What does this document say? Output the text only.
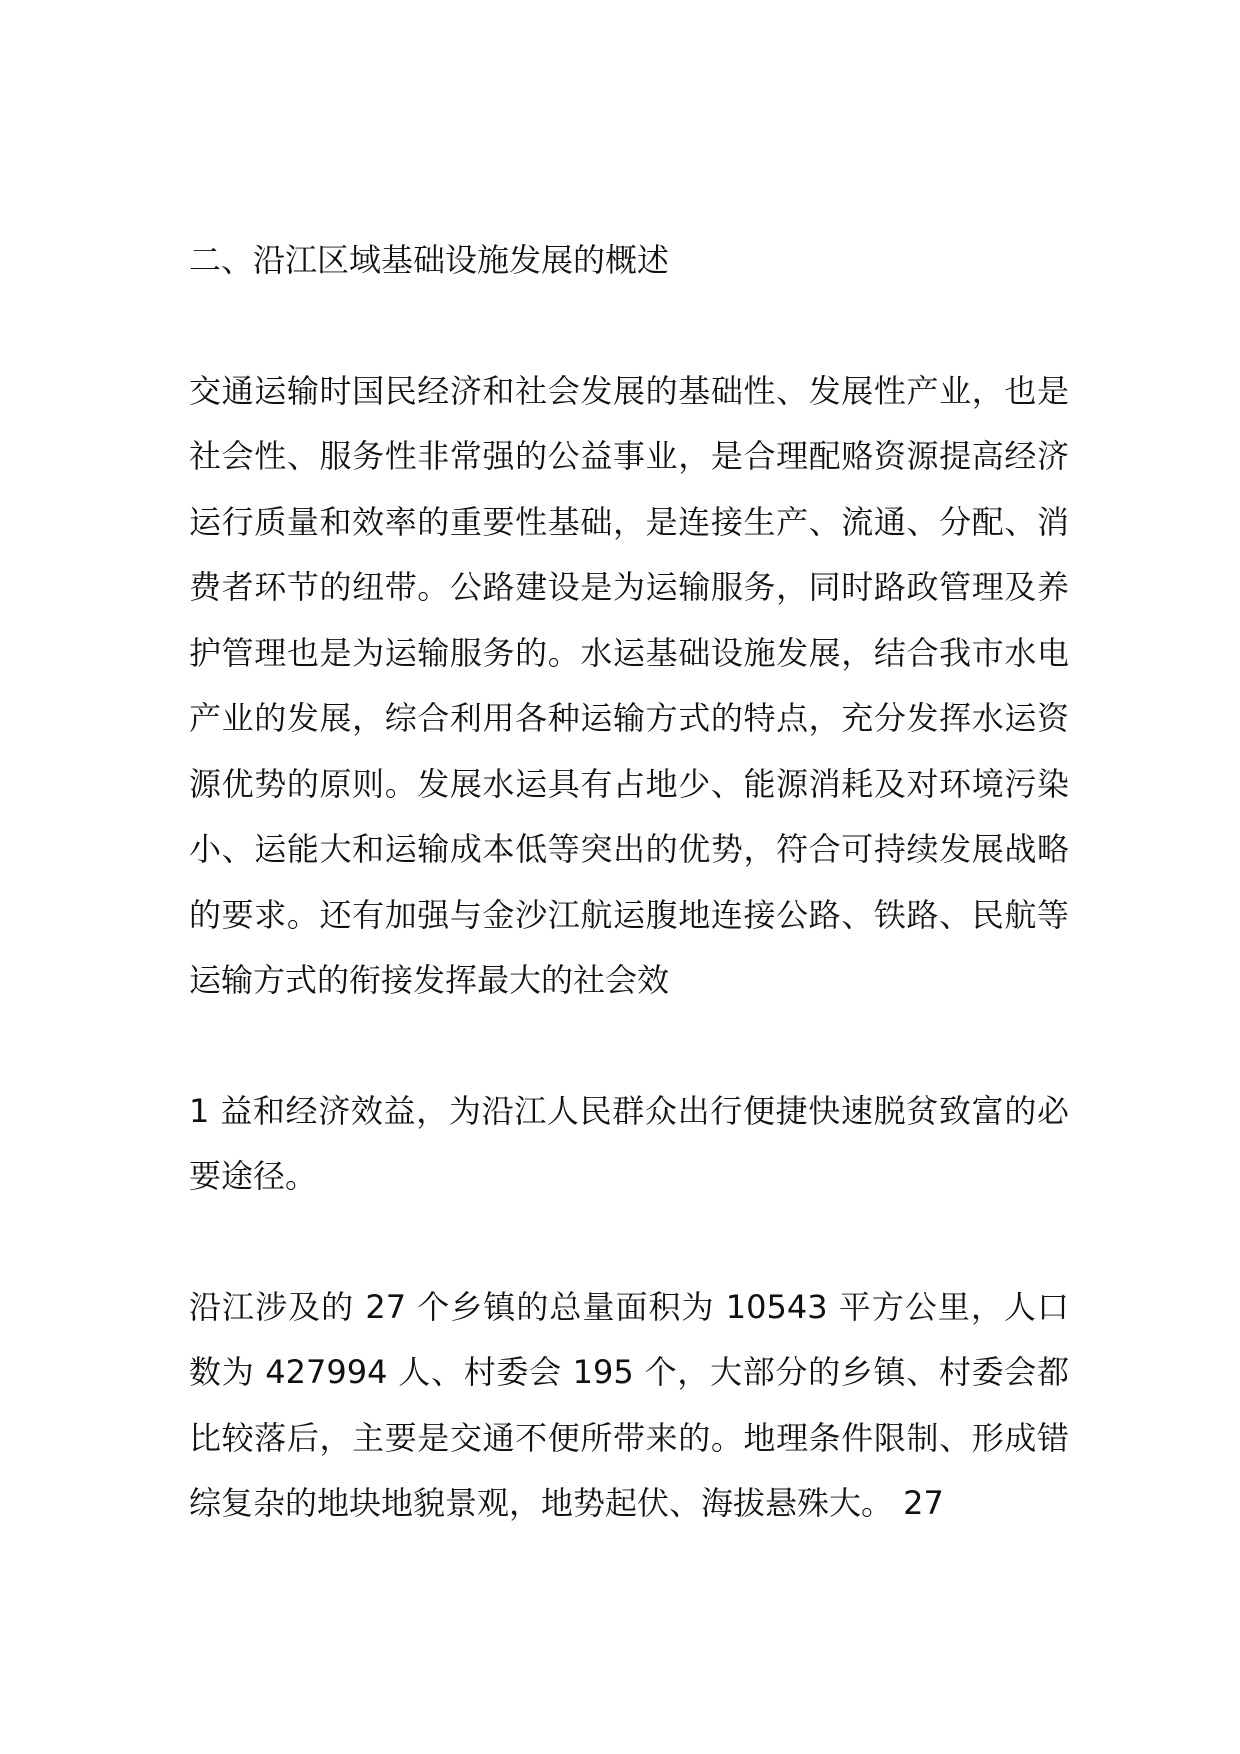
二、沿江区域基础设施发展的概述

交通运输时国民经济和社会发展的基础性、发展性产业，也是社会性、服务性非常强的公益事业，是合理配赂资源提高经济运行质量和效率的重要性基础，是连接生产、流通、分配、消费者环节的纽带。公路建设是为运输服务，同时路政管理及养护管理也是为运输服务的。水运基础设施发展，结合我市水电产业的发展，综合利用各种运输方式的特点，充分发挥水运资源优势的原则。发展水运具有占地少、能源消耗及对环境污染小、运能大和运输成本低等突出的优势，符合可持续发展战略的要求。还有加强与金沙江航运腹地连接公路、铁路、民航等运输方式的衔接发挥最大的社会效

1 益和经济效益，为沿江人民群众出行便捷快速脱贫致富的必要途径。

沿江涉及的 27 个乡镇的总量面积为 10543 平方公里，人口数为 427994 人、村委会 195 个，大部分的乡镇、村委会都比较落后，主要是交通不便所带来的。地理条件限制、形成错综复杂的地块地貌景观，地势起伏、海拔悬殊大。 27
